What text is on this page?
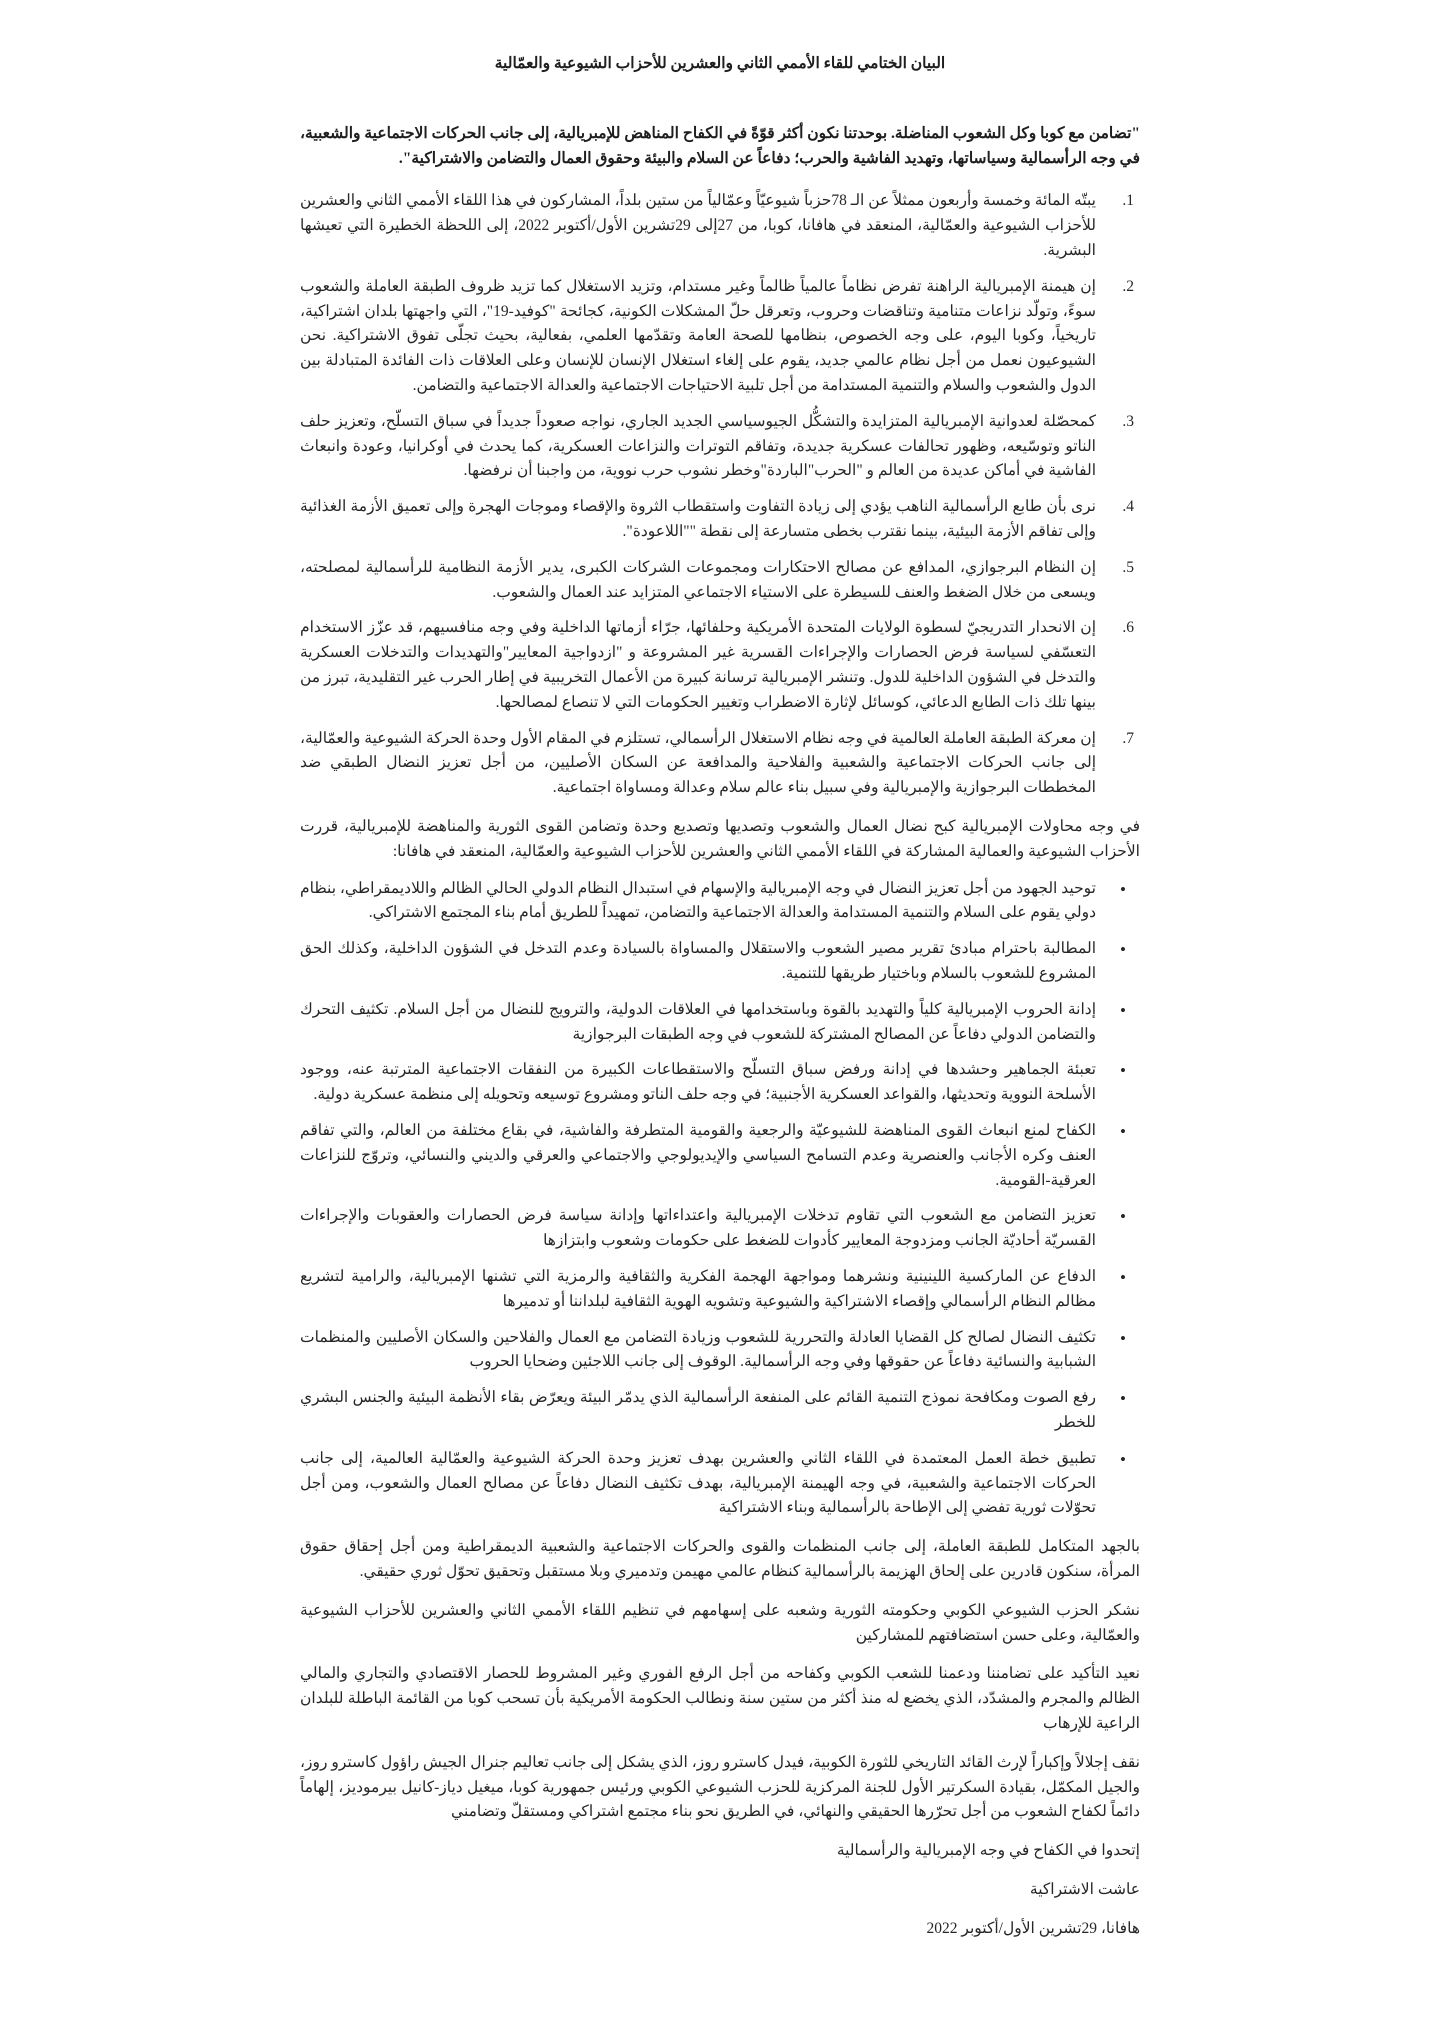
البيان الختامي للقاء الأممي الثاني والعشرين للأحزاب الشيوعية والعمّالية

"تضامن مع كوبا وكل الشعوب المناضلة. بوحدتنا نكون أكثر قوّةً في الكفاح المناهض للإمبريالية، إلى جانب الحركات الاجتماعية والشعبية، في وجه الرأسمالية وسياساتها، وتهديد الفاشية والحرب؛ دفاعاً عن السلام والبيئة وحقوق العمال والتضامن والاشتراكية".

يبتّه المائة وخمسة وأربعون ممثلاً عن الـ 78حزباً شيوعيّاً وعمّالياً من ستين بلداً، المشاركون في هذا اللقاء الأممي الثاني والعشرين للأحزاب الشيوعية والعمّالية، المنعقد في هافانا، كوبا، من 27إلى 29تشرين الأول/أكتوبر 2022، إلى اللحظة الخطيرة التي تعيشها البشرية.
إن هيمنة الإمبريالية الراهنة تفرض نظاماً عالمياً ظالماً وغير مستدام، وتزيد الاستغلال كما تزيد ظروف الطبقة العاملة والشعوب سوءً، وتولّد نزاعات متنامية وتناقضات وحروب، وتعرقل حلّ المشكلات الكونية، كجائحة "كوفيد-19"، التي واجهتها بلدان اشتراكية، تاريخياً، وكوبا اليوم، على وجه الخصوص، بنظامها للصحة العامة وتقدّمها العلمي، بفعالية، بحيث تجلّى تفوق الاشتراكية. نحن الشيوعيون نعمل من أجل نظام عالمي جديد، يقوم على إلغاء استغلال الإنسان للإنسان وعلى العلاقات ذات الفائدة المتبادلة بين الدول والشعوب والسلام والتنمية المستدامة من أجل تلبية الاحتياجات الاجتماعية والعدالة الاجتماعية والتضامن.
كمحصّلة لعدوانية الإمبريالية المتزايدة والتشكُّل الجيوسياسي الجديد الجاري، نواجه صعوداً جديداً في سباق التسلّح، وتعزيز حلف الناتو وتوسّيعه، وظهور تحالفات عسكرية جديدة، وتفاقم التوترات والنزاعات العسكرية، كما يحدث في أوكرانيا، وعودة وانبعاث الفاشية في أماكن عديدة من العالم و "الحرب"الباردة"وخطر نشوب حرب نووية، من واجبنا أن نرفضها.
نرى بأن طابع الرأسمالية الناهب يؤدي إلى زيادة التفاوت واستقطاب الثروة والإقصاء وموجات الهجرة وإلى تعميق الأزمة الغذائية وإلى تفاقم الأزمة البيئية، بينما نقترب بخطى متسارعة إلى نقطة ""اللاعودة".
إن النظام البرجوازي، المدافع عن مصالح الاحتكارات ومجموعات الشركات الكبرى، يدير الأزمة النظامية للرأسمالية لمصلحته، ويسعى من خلال الضغط والعنف للسيطرة على الاستياء الاجتماعي المتزايد عند العمال والشعوب.
إن الانحدار التدريجيّ لسطوة الولايات المتحدة الأمريكية وحلفائها، جرّاء أزماتها الداخلية وفي وجه منافسيهم، قد عزّز الاستخدام التعسّفي لسياسة فرض الحصارات والإجراءات القسرية غير المشروعة و "ازدواجية المعايير"والتهديدات والتدخلات العسكرية والتدخل في الشؤون الداخلية للدول. وتنشر الإمبريالية ترسانة كبيرة من الأعمال التخريبية في إطار الحرب غير التقليدية، تبرز من بينها تلك ذات الطابع الدعائي، كوسائل لإثارة الاضطراب وتغيير الحكومات التي لا تنصاع لمصالحها.
إن معركة الطبقة العاملة العالمية في وجه نظام الاستغلال الرأسمالي، تستلزم في المقام الأول وحدة الحركة الشيوعية والعمّالية، إلى جانب الحركات الاجتماعية والشعبية والفلاحية والمدافعة عن السكان الأصليين، من أجل تعزيز النضال الطبقي ضد المخططات البرجوازية والإمبريالية وفي سبيل بناء عالم سلام وعدالة ومساواة اجتماعية.

في وجه محاولات الإمبريالية كبح نضال العمال والشعوب وتصديها وتصديع وحدة وتضامن القوى الثورية والمناهضة للإمبريالية، قررت الأحزاب الشيوعية والعمالية المشاركة في اللقاء الأممي الثاني والعشرين للأحزاب الشيوعية والعمّالية، المنعقد في هافانا:

• توحيد الجهود من أجل تعزيز النضال في وجه الإمبريالية والإسهام في استبدال النظام الدولي الحالي الظالم واللاديمقراطي، بنظام دولي يقوم على السلام والتنمية المستدامة والعدالة الاجتماعية والتضامن، تمهيداً للطريق أمام بناء المجتمع الاشتراكي.
• المطالبة باحترام مبادئ تقرير مصير الشعوب والاستقلال والمساواة بالسيادة وعدم التدخل في الشؤون الداخلية، وكذلك الحق المشروع للشعوب بالسلام وباختيار طريقها للتنمية.
• إدانة الحروب الإمبريالية كلياً والتهديد بالقوة وباستخدامها في العلاقات الدولية، والترويج للنضال من أجل السلام. تكثيف التحرك والتضامن الدولي دفاعاً عن المصالح المشتركة للشعوب في وجه الطبقات البرجوازية
• تعبئة الجماهير وحشدها في إدانة ورفض سباق التسلّح والاستقطاعات الكبيرة من النفقات الاجتماعية المترتبة عنه، ووجود الأسلحة النووية وتحديثها، والقواعد العسكرية الأجنبية؛ في وجه حلف الناتو ومشروع توسيعه وتحويله إلى منظمة عسكرية دولية.
• الكفاح لمنع انبعاث القوى المناهضة للشيوعيّة والرجعية والقومية المتطرفة والفاشية، في بقاع مختلفة من العالم، والتي تفاقم العنف وكره الأجانب والعنصرية وعدم التسامح السياسي والإيديولوجي والاجتماعي والعرقي والديني والنسائي، وتروّج للنزاعات العرقية-القومية.
• تعزيز التضامن مع الشعوب التي تقاوم تدخلات الإمبريالية واعتداءاتها وإدانة سياسة فرض الحصارات والعقوبات والإجراءات القسريّة أحاديّة الجانب ومزدوجة المعايير كأدوات للضغط على حكومات وشعوب وابتزازها
• الدفاع عن الماركسية اللينينية ونشرهما ومواجهة الهجمة الفكرية والثقافية والرمزية التي تشنها الإمبريالية، والرامية لتشريع مظالم النظام الرأسمالي وإقصاء الاشتراكية والشيوعية وتشويه الهوية الثقافية لبلداننا أو تدميرها
• تكثيف النضال لصالح كل القضايا العادلة والتحررية للشعوب وزيادة التضامن مع العمال والفلاحين والسكان الأصليين والمنظمات الشبابية والنسائية دفاعاً عن حقوقها وفي وجه الرأسمالية. الوقوف إلى جانب اللاجئين وضحايا الحروب
• رفع الصوت ومكافحة نموذج التنمية القائم على المنفعة الرأسمالية الذي يدمّر البيئة ويعرّض بقاء الأنظمة البيئية والجنس البشري للخطر
• تطبيق خطة العمل المعتمدة في اللقاء الثاني والعشرين بهدف تعزيز وحدة الحركة الشيوعية والعمّالية العالمية، إلى جانب الحركات الاجتماعية والشعبية، في وجه الهيمنة الإمبريالية، بهدف تكثيف النضال دفاعاً عن مصالح العمال والشعوب، ومن أجل تحوّلات ثورية تفضي إلى الإطاحة بالرأسمالية وبناء الاشتراكية

بالجهد المتكامل للطبقة العاملة، إلى جانب المنظمات والقوى والحركات الاجتماعية والشعبية الديمقراطية ومن أجل إحقاق حقوق المرأة، سنكون قادرين على إلحاق الهزيمة بالرأسمالية كنظام عالمي مهيمن وتدميري وبلا مستقبل وتحقيق تحوّل ثوري حقيقي.

نشكر الحزب الشيوعي الكوبي وحكومته الثورية وشعبه على إسهامهم في تنظيم اللقاء الأممي الثاني والعشرين للأحزاب الشيوعية والعمّالية، وعلى حسن استضافتهم للمشاركين

نعيد التأكيد على تضامننا ودعمنا للشعب الكوبي وكفاحه من أجل الرفع الفوري وغير المشروط للحصار الاقتصادي والتجاري والمالي الظالم والمجرم والمشدّد، الذي يخضع له منذ أكثر من ستين سنة ونطالب الحكومة الأمريكية بأن تسحب كوبا من القائمة الباطلة للبلدان الراعية للإرهاب

نقف إجلالاً وإكباراً لإرث القائد التاريخي للثورة الكوبية، فيدل كاسترو روز، الذي يشكل إلى جانب تعاليم جنرال الجيش راؤول كاسترو روز، والجيل المكمّل، بقيادة السكرتير الأول للجنة المركزية للحزب الشيوعي الكوبي ورئيس جمهورية كوبا، ميغيل دياز-كانيل بيرموديز، إلهاماً دائماً لكفاح الشعوب من أجل تحرّرها الحقيقي والنهائي، في الطريق نحو بناء مجتمع اشتراكي ومستقلّ وتضامني

إتحدوا في الكفاح في وجه الإمبريالية والرأسمالية

عاشت الاشتراكية

هافانا، 29تشرين الأول/أكتوبر 2022
